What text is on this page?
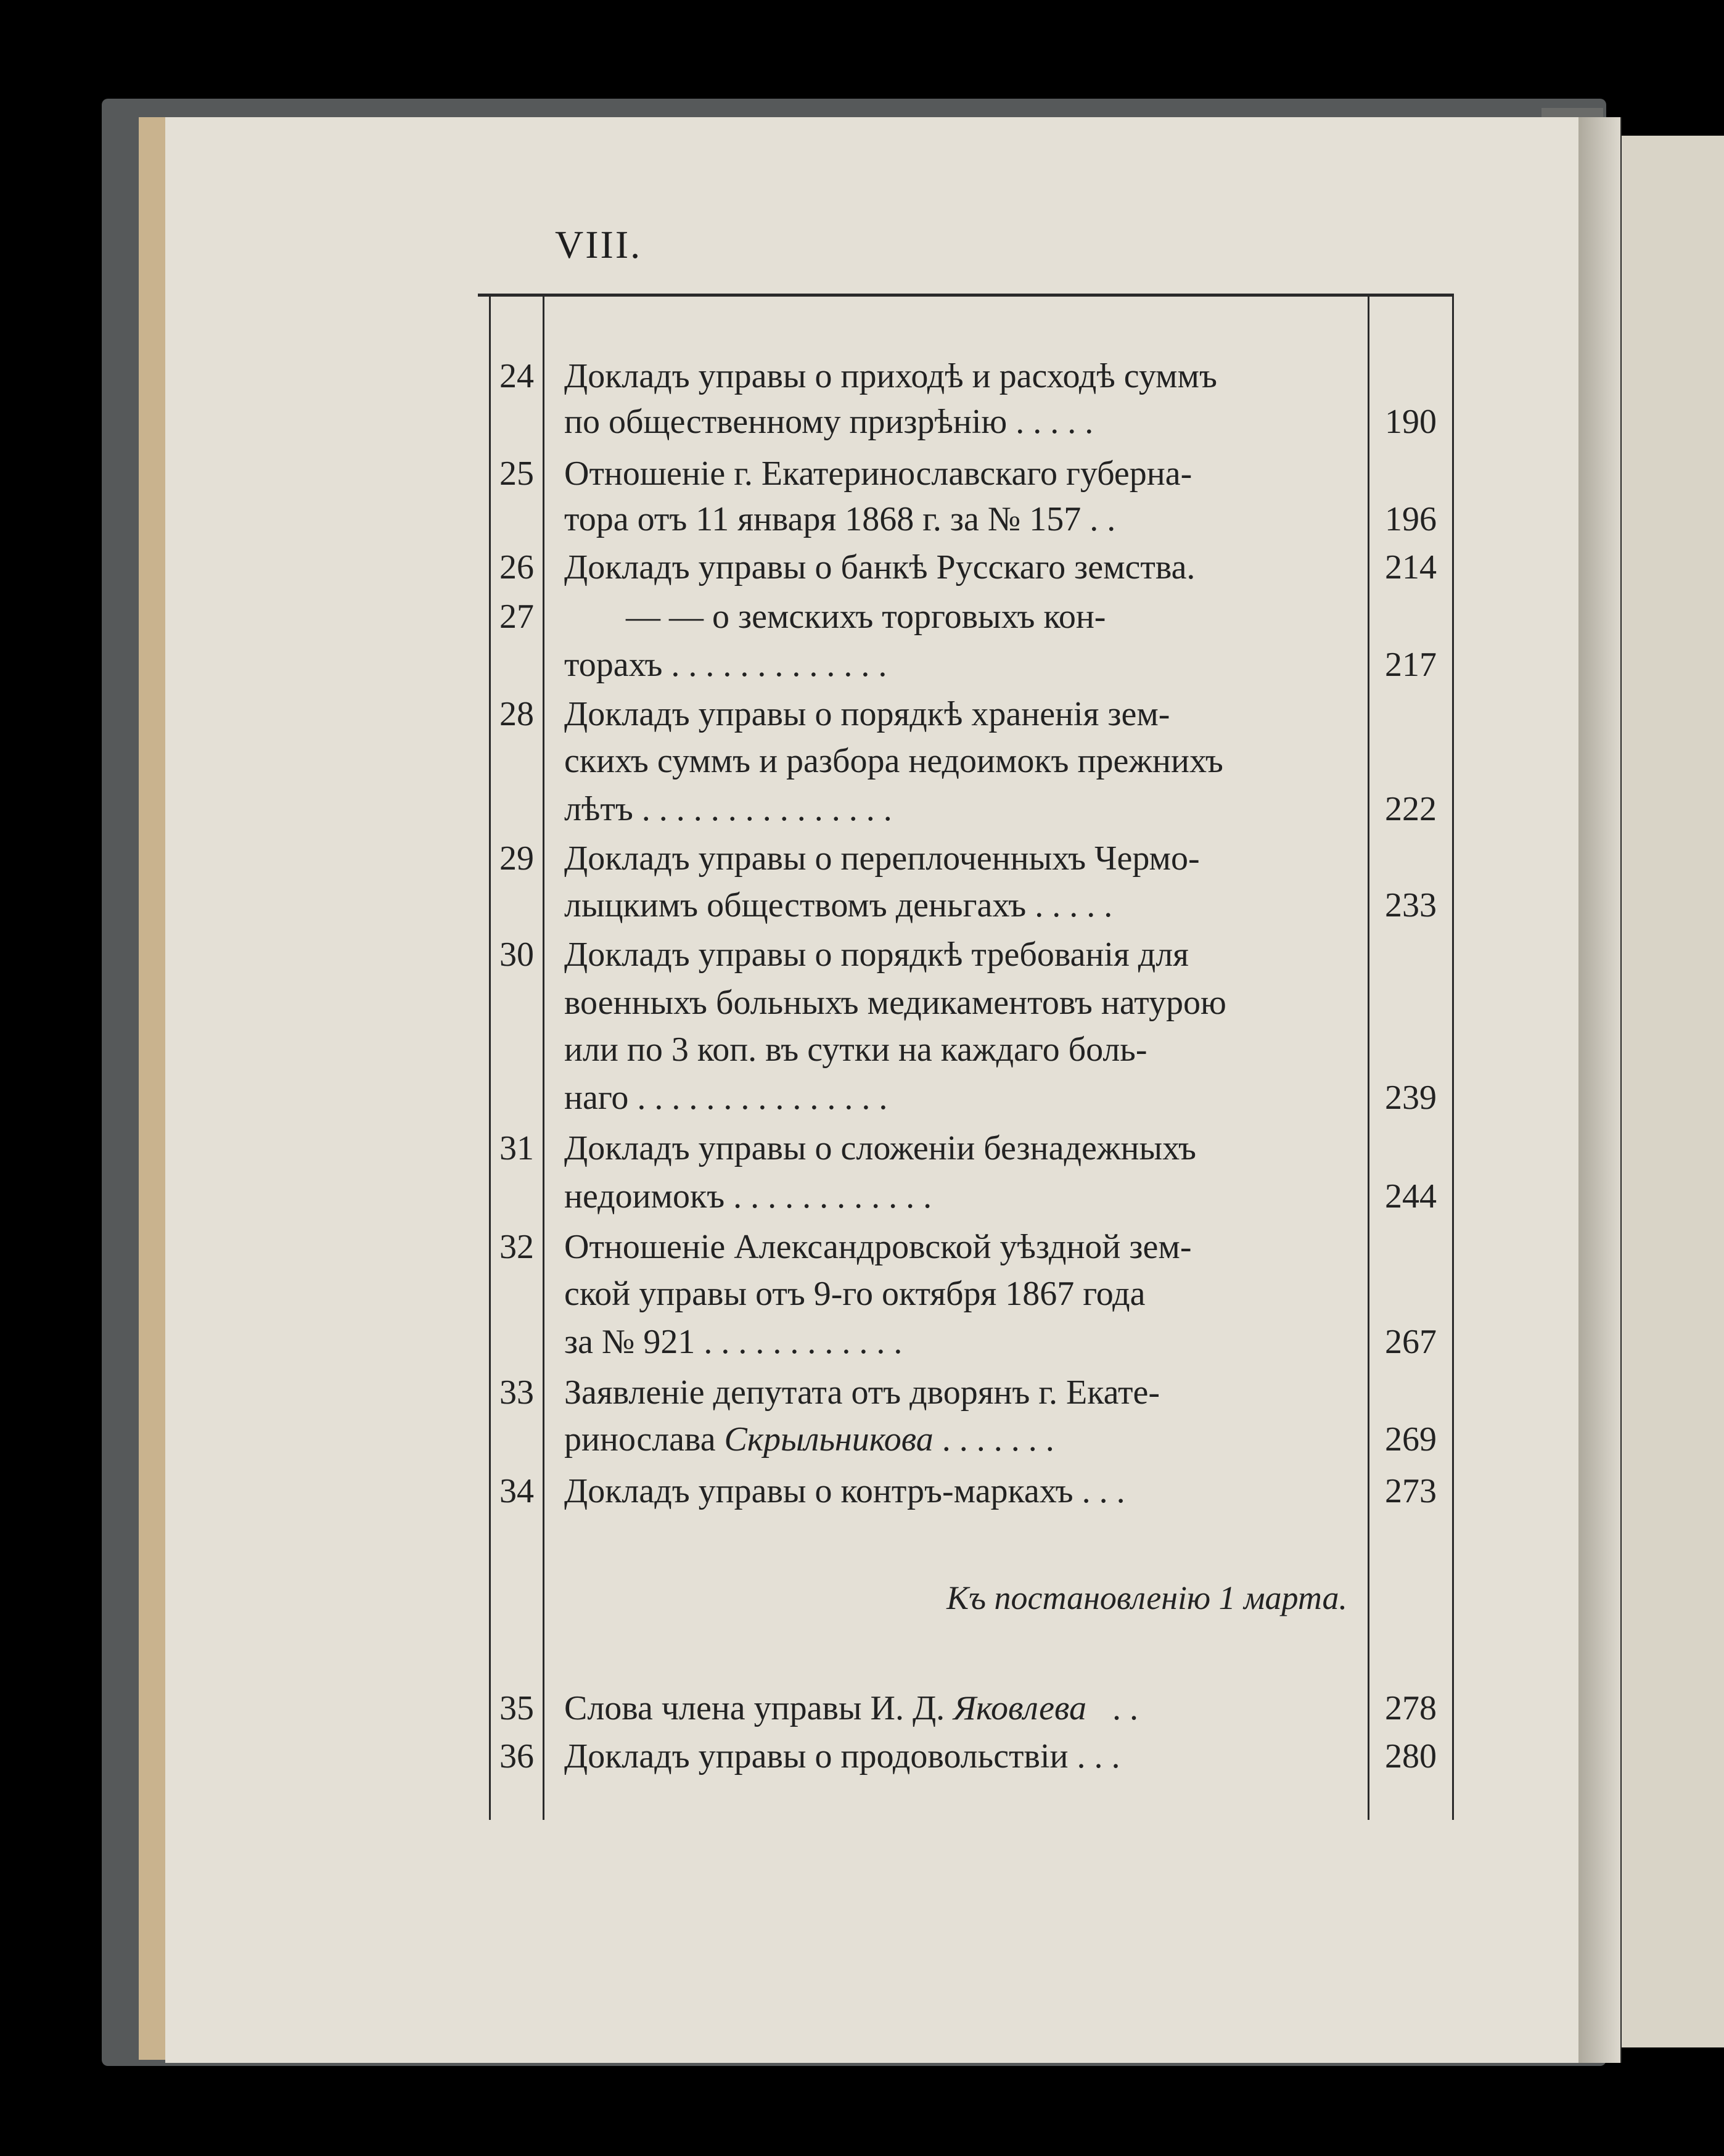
VIII.
24 Докладъ управы о приходѣ и расходѣ суммъ
по общественному призрѣнію . . . . .	190
25 Отношеніе г. Екатеринославскаго губерна-
тора отъ 11 января 1868 г. за № 157 . .	196
26 Докладъ управы о банкѣ Русскаго земства.	214
27	— — о земскихъ торговыхъ кон-
торахъ . . . . . . . . . . . . .	217
28 Докладъ управы о порядкѣ храненія зем-
скихъ суммъ и разбора недоимокъ прежнихъ
лѣтъ . . . . . . . . . . . . . . .	222
29 Докладъ управы о переплоченныхъ Чермо-
лыцкимъ обществомъ деньгахъ . . . . .	233
30 Докладъ управы о порядкѣ требованія для
военныхъ больныхъ медикаментовъ натурою
или по 3 коп. въ сутки на каждаго боль-
наго . . . . . . . . . . . . . . .	239
31 Докладъ управы о сложеніи безнадежныхъ
недоимокъ . . . . . . . . . . . .	244
32 Отношеніе Александровской уѣздной зем-
ской управы отъ 9-го октября 1867 года
за № 921 . . . . . . . . . . . .	267
33 Заявленіе депутата отъ дворянъ г. Екате-
ринослава Скрыльникова . . . . . . .	269
34 Докладъ управы о контръ-маркахъ . . .	273
Къ постановленію 1 марта.
35 Слова члена управы И. Д. Яковлева . .	278
36 Докладъ управы о продовольствіи . . .	280
